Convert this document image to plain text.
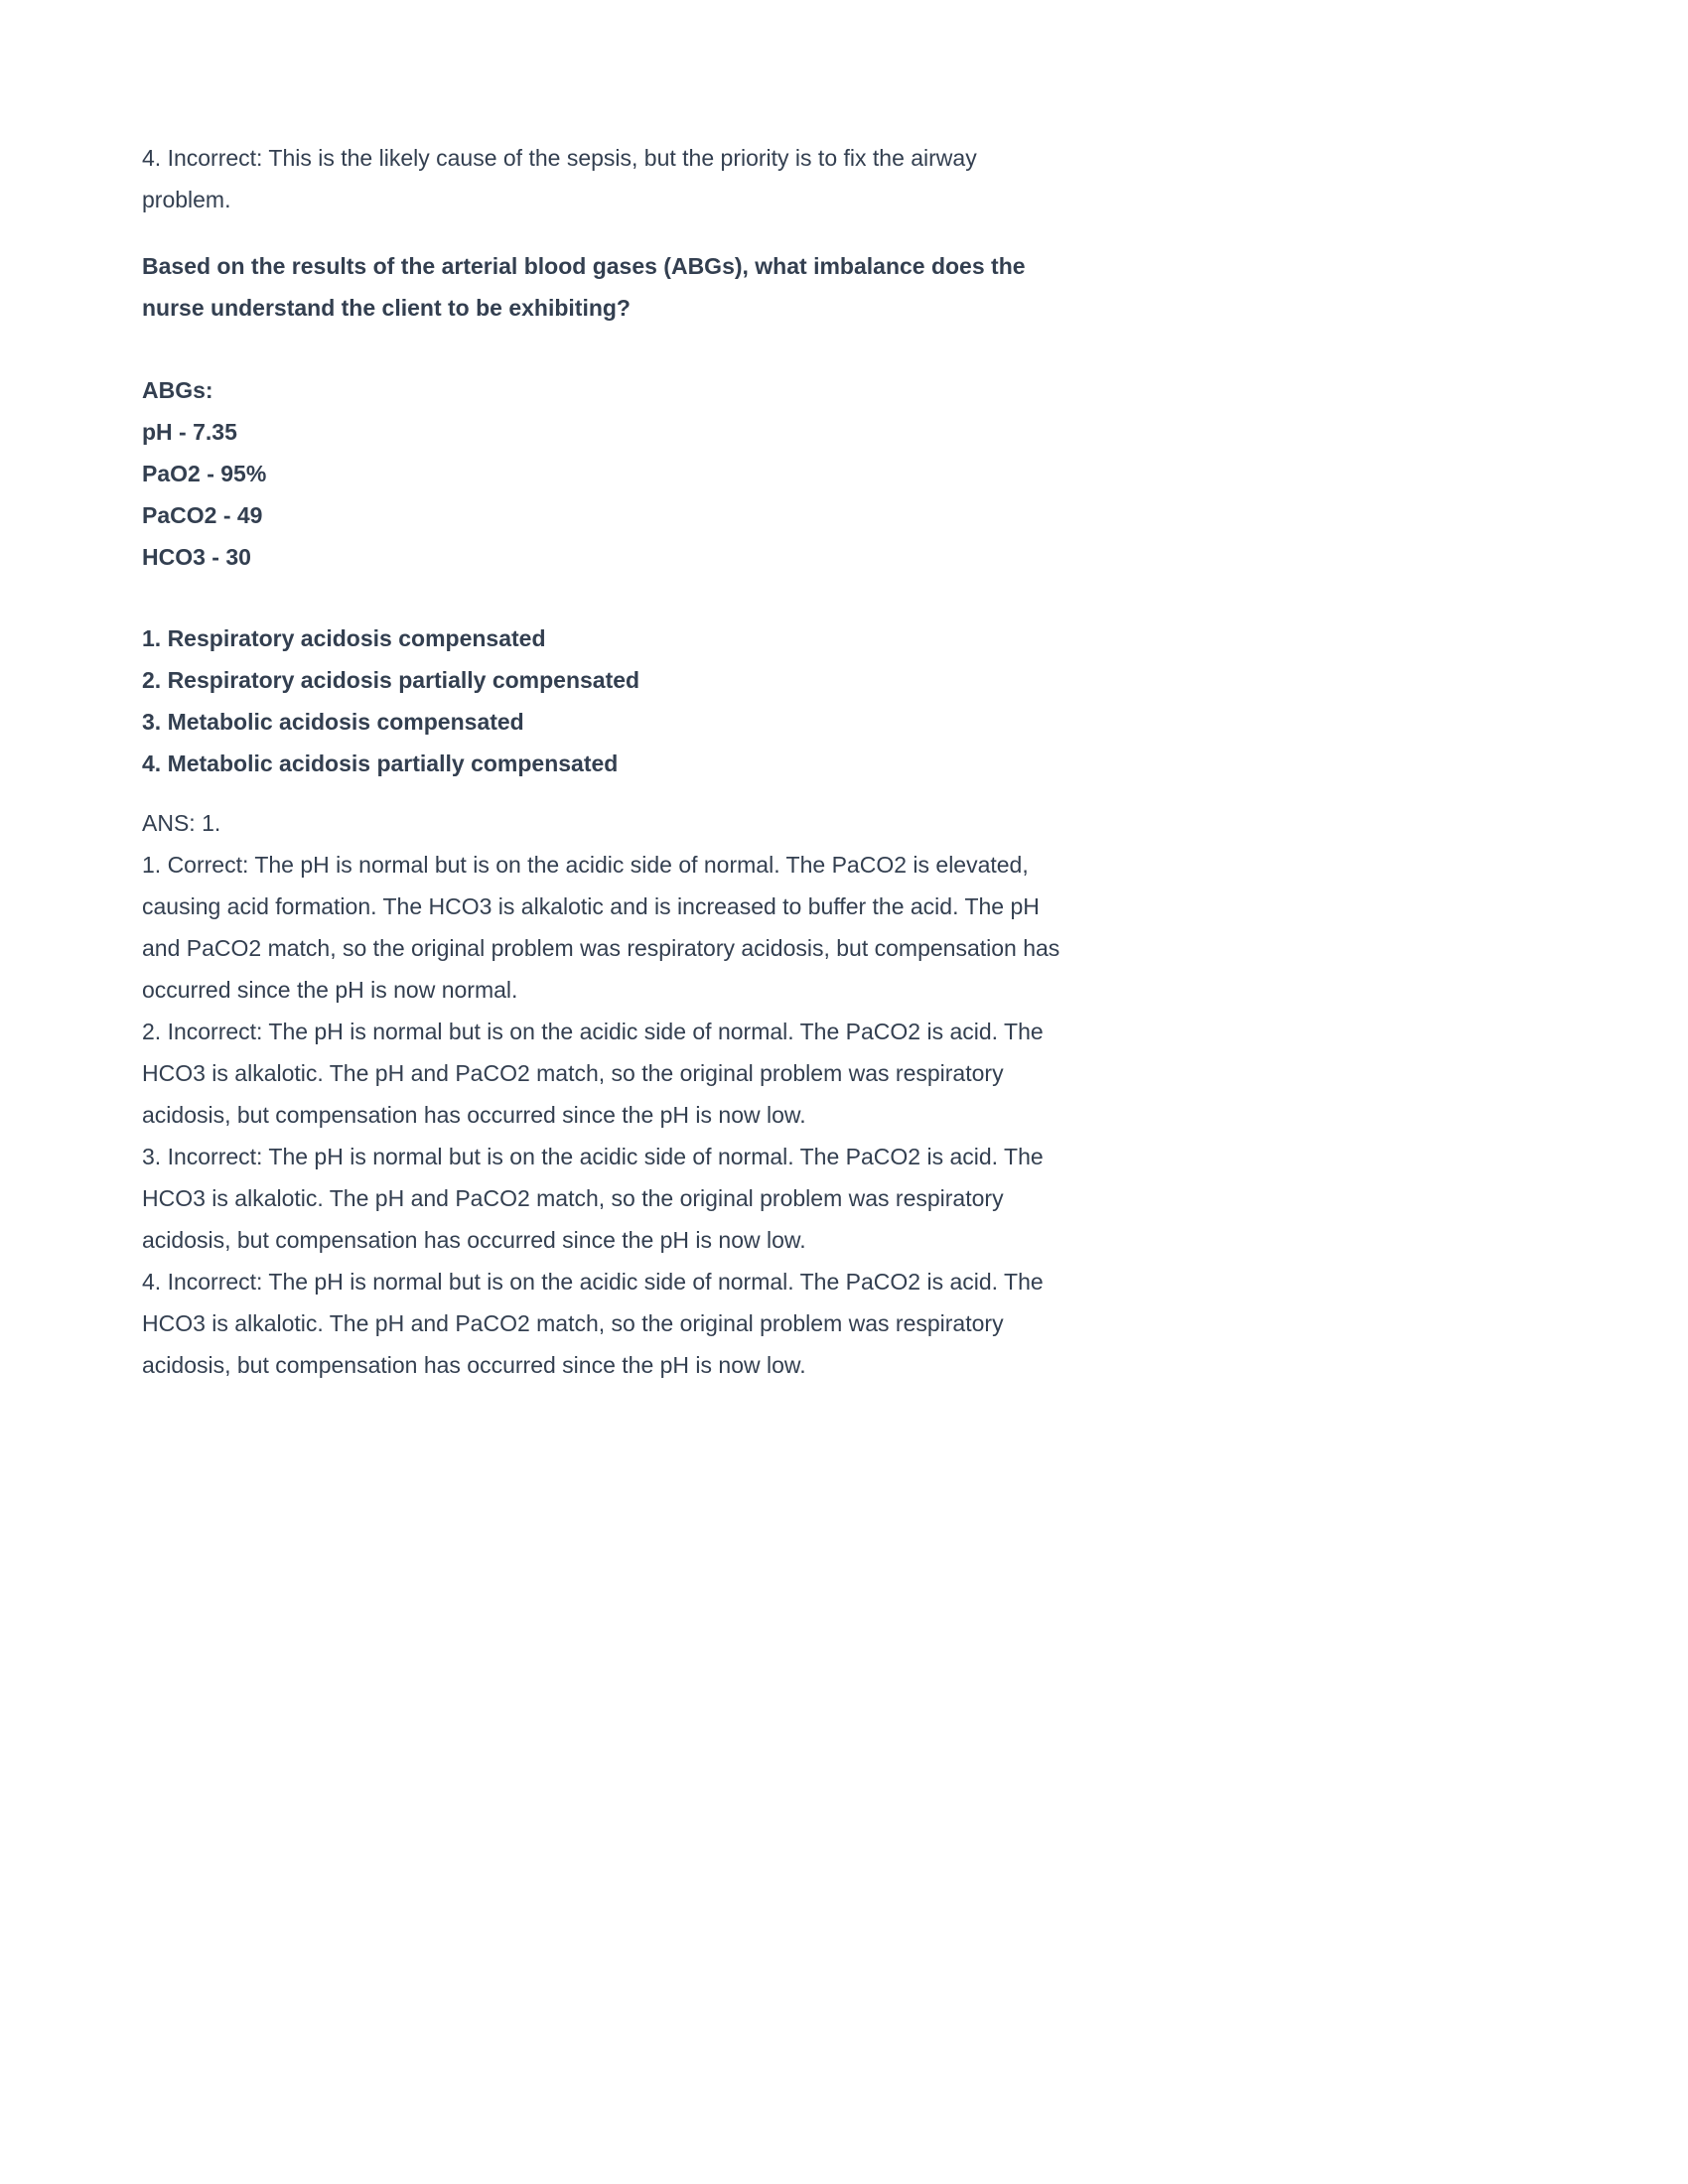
4. Incorrect: This is the likely cause of the sepsis, but the priority is to fix the airway problem.

Based on the results of the arterial blood gases (ABGs), what imbalance does the nurse understand the client to be exhibiting?

ABGs:
pH - 7.35
PaO2 - 95%
PaCO2 - 49
HCO3 - 30
1. Respiratory acidosis compensated
2. Respiratory acidosis partially compensated
3. Metabolic acidosis compensated
4. Metabolic acidosis partially compensated

ANS: 1.

1. Correct: The pH is normal but is on the acidic side of normal. The PaCO2 is elevated, causing acid formation. The HCO3 is alkalotic and is increased to buffer the acid. The pH and PaCO2 match, so the original problem was respiratory acidosis, but compensation has occurred since the pH is now normal.

2. Incorrect: The pH is normal but is on the acidic side of normal. The PaCO2 is acid. The HCO3 is alkalotic. The pH and PaCO2 match, so the original problem was respiratory acidosis, but compensation has occurred since the pH is now low.

3. Incorrect: The pH is normal but is on the acidic side of normal. The PaCO2 is acid. The HCO3 is alkalotic. The pH and PaCO2 match, so the original problem was respiratory acidosis, but compensation has occurred since the pH is now low.

4. Incorrect: The pH is normal but is on the acidic side of normal. The PaCO2 is acid. The HCO3 is alkalotic. The pH and PaCO2 match, so the original problem was respiratory acidosis, but compensation has occurred since the pH is now low.
